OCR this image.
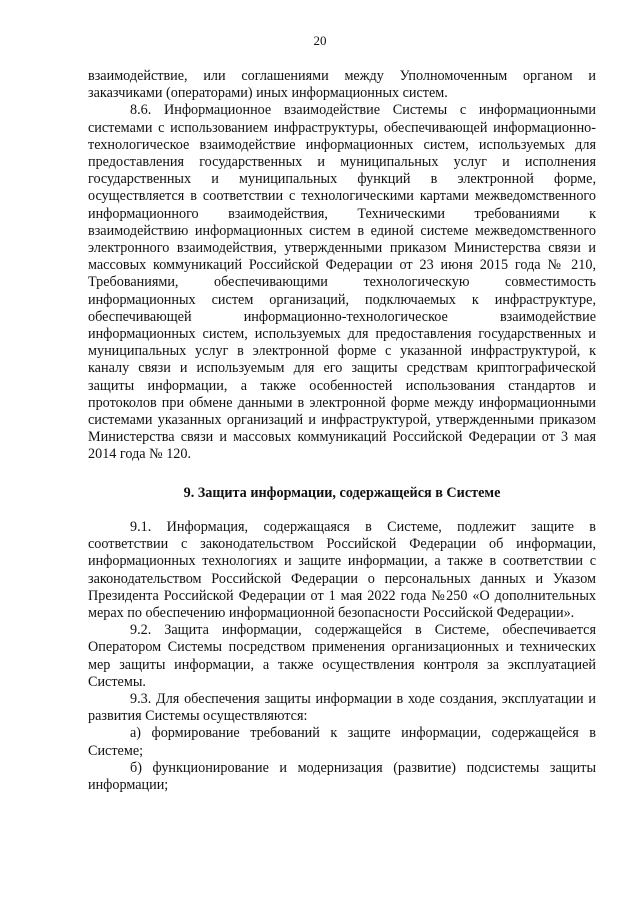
20

взаимодействие, или соглашениями между Уполномоченным органом и заказчиками (операторами) иных информационных систем.

8.6. Информационное взаимодействие Системы с информационными системами с использованием инфраструктуры, обеспечивающей информационно-технологическое взаимодействие информационных систем, используемых для предоставления государственных и муниципальных услуг и исполнения государственных и муниципальных функций в электронной форме, осуществляется в соответствии с технологическими картами межведомственного информационного взаимодействия, Техническими требованиями к взаимодействию информационных систем в единой системе межведомственного электронного взаимодействия, утвержденными приказом Министерства связи и массовых коммуникаций Российской Федерации от 23 июня 2015 года № 210, Требованиями, обеспечивающими технологическую совместимость информационных систем организаций, подключаемых к инфраструктуре, обеспечивающей информационно-технологическое взаимодействие информационных систем, используемых для предоставления государственных и муниципальных услуг в электронной форме с указанной инфраструктурой, к каналу связи и используемым для его защиты средствам криптографической защиты информации, а также особенностей использования стандартов и протоколов при обмене данными в электронной форме между информационными системами указанных организаций и инфраструктурой, утвержденными приказом Министерства связи и массовых коммуникаций Российской Федерации от 3 мая 2014 года № 120.

9. Защита информации, содержащейся в Системе

9.1. Информация, содержащаяся в Системе, подлежит защите в соответствии с законодательством Российской Федерации об информации, информационных технологиях и защите информации, а также в соответствии с законодательством Российской Федерации о персональных данных и Указом Президента Российской Федерации от 1 мая 2022 года №250 «О дополнительных мерах по обеспечению информационной безопасности Российской Федерации».

9.2. Защита информации, содержащейся в Системе, обеспечивается Оператором Системы посредством применения организационных и технических мер защиты информации, а также осуществления контроля за эксплуатацией Системы.

9.3. Для обеспечения защиты информации в ходе создания, эксплуатации и развития Системы осуществляются:

а) формирование требований к защите информации, содержащейся в Системе;

б) функционирование и модернизация (развитие) подсистемы защиты информации;
